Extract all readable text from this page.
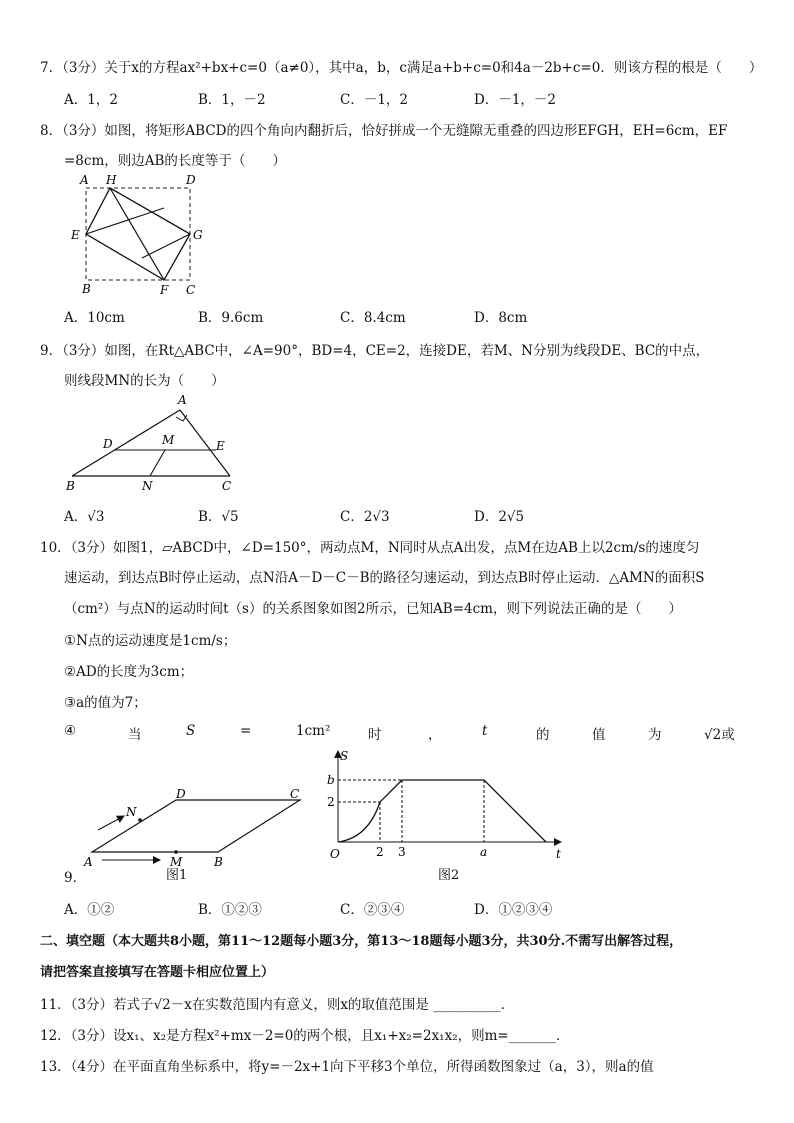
7．（3分）关于x的方程ax²+bx+c=0（a≠0），其中a，b，c满足a+b+c=0和4a－2b+c=0．则该方程的根是（　　）
A．1，2	B．1，－2	C．－1，2	D．－1，－2
8．（3分）如图，将矩形ABCD的四个角向内翻折后，恰好拼成一个无缝隙无重叠的四边形EFGH，EH=6cm，EF
=8cm，则边AB的长度等于（　　）
A H	D
E	G
B	F C
A．10cm	B．9.6cm	C．8.4cm	D．8cm
9．（3分）如图，在Rt△ABC中，∠A=90°，BD=4，CE=2，连接DE，若M、N分别为线段DE、BC的中点，
则线段MN的长为（　　）
A
D	M	E
B	N	C
A．√3	B．√5	C．2√3	D．2√5
10．（3分）如图1，▱ABCD中，∠D=150°，两动点M，N同时从点A出发，点M在边AB上以2cm/s的速度匀
速运动，到达点B时停止运动，点N沿A－D－C－B的路径匀速运动，到达点B时停止运动．△AMN的面积S
（cm²）与点N的运动时间t（s）的关系图象如图2所示，已知AB=4cm，则下列说法正确的是（　　）
①N点的运动速度是1cm/s；
②AD的长度为3cm；
③a的值为7；
④	当	S	=	1cm²	时	，	t	的	值	为	√2或
A	M	B
C
D
N
图1
9．
S
t
O
b
2
2 3	a
图2
A．①②	B．①②③	C．②③④	D．①②③④
二、填空题（本大题共8小题，第11～12题每小题3分，第13～18题每小题3分，共30分.不需写出解答过程，
请把答案直接填写在答题卡相应位置上）
11．（3分）若式子√2－x在实数范围内有意义，则x的取值范围是 __________．
12．（3分）设x₁、x₂是方程x²+mx－2=0的两个根，且x₁+x₂=2x₁x₂，则m=_______．
13．（4分）在平面直角坐标系中，将y=－2x+1向下平移3个单位，所得函数图象过（a，3），则a的值
